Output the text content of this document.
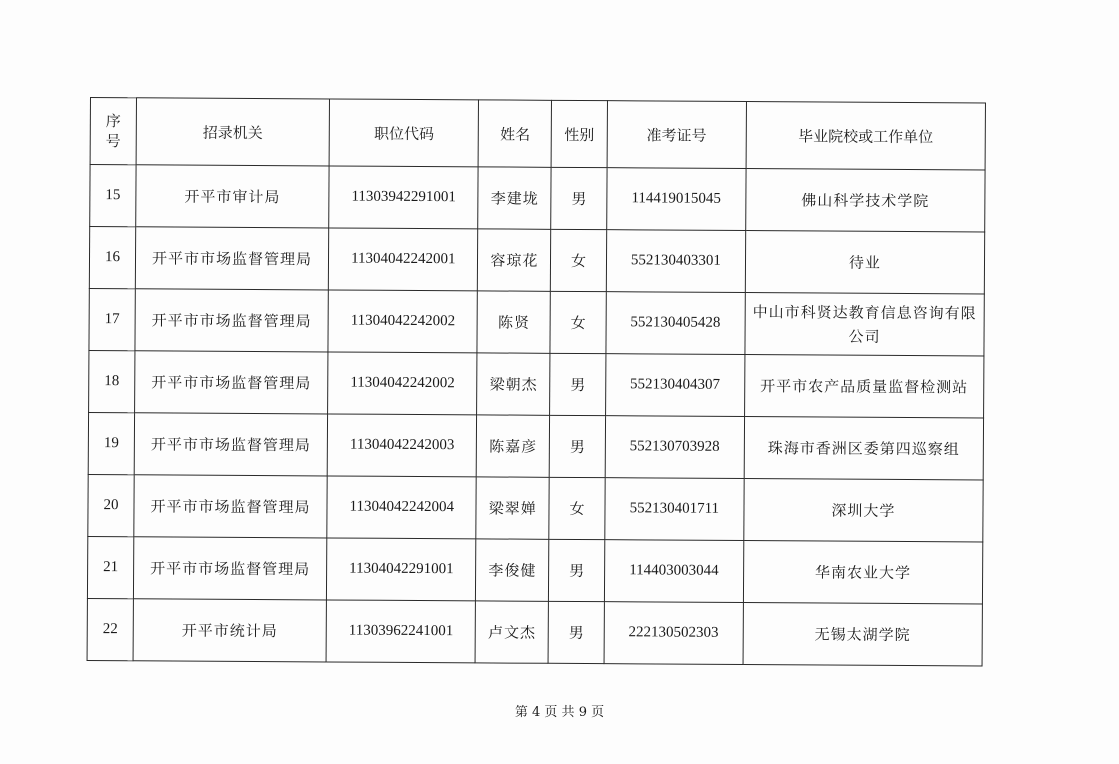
序
号	招录机关	职位代码	姓名	性别	准考证号	毕业院校或工作单位
15	开平市审计局	11303942291001	李建垅	男	114419015045	佛山科学技术学院
16	开平市市场监督管理局	11304042242001	容琼花	女	552130403301	待业
17	开平市市场监督管理局	11304042242002	陈贤	女	552130405428	中山市科贤达教育信息咨询有限公司
18	开平市市场监督管理局	11304042242002	梁朝杰	男	552130404307	开平市农产品质量监督检测站
19	开平市市场监督管理局	11304042242003	陈嘉彦	男	552130703928	珠海市香洲区委第四巡察组
20	开平市市场监督管理局	11304042242004	梁翠婵	女	552130401711	深圳大学
21	开平市市场监督管理局	11304042291001	李俊健	男	114403003044	华南农业大学
22	开平市统计局	11303962241001	卢文杰	男	222130502303	无锡太湖学院
第 4 页 共 9 页
